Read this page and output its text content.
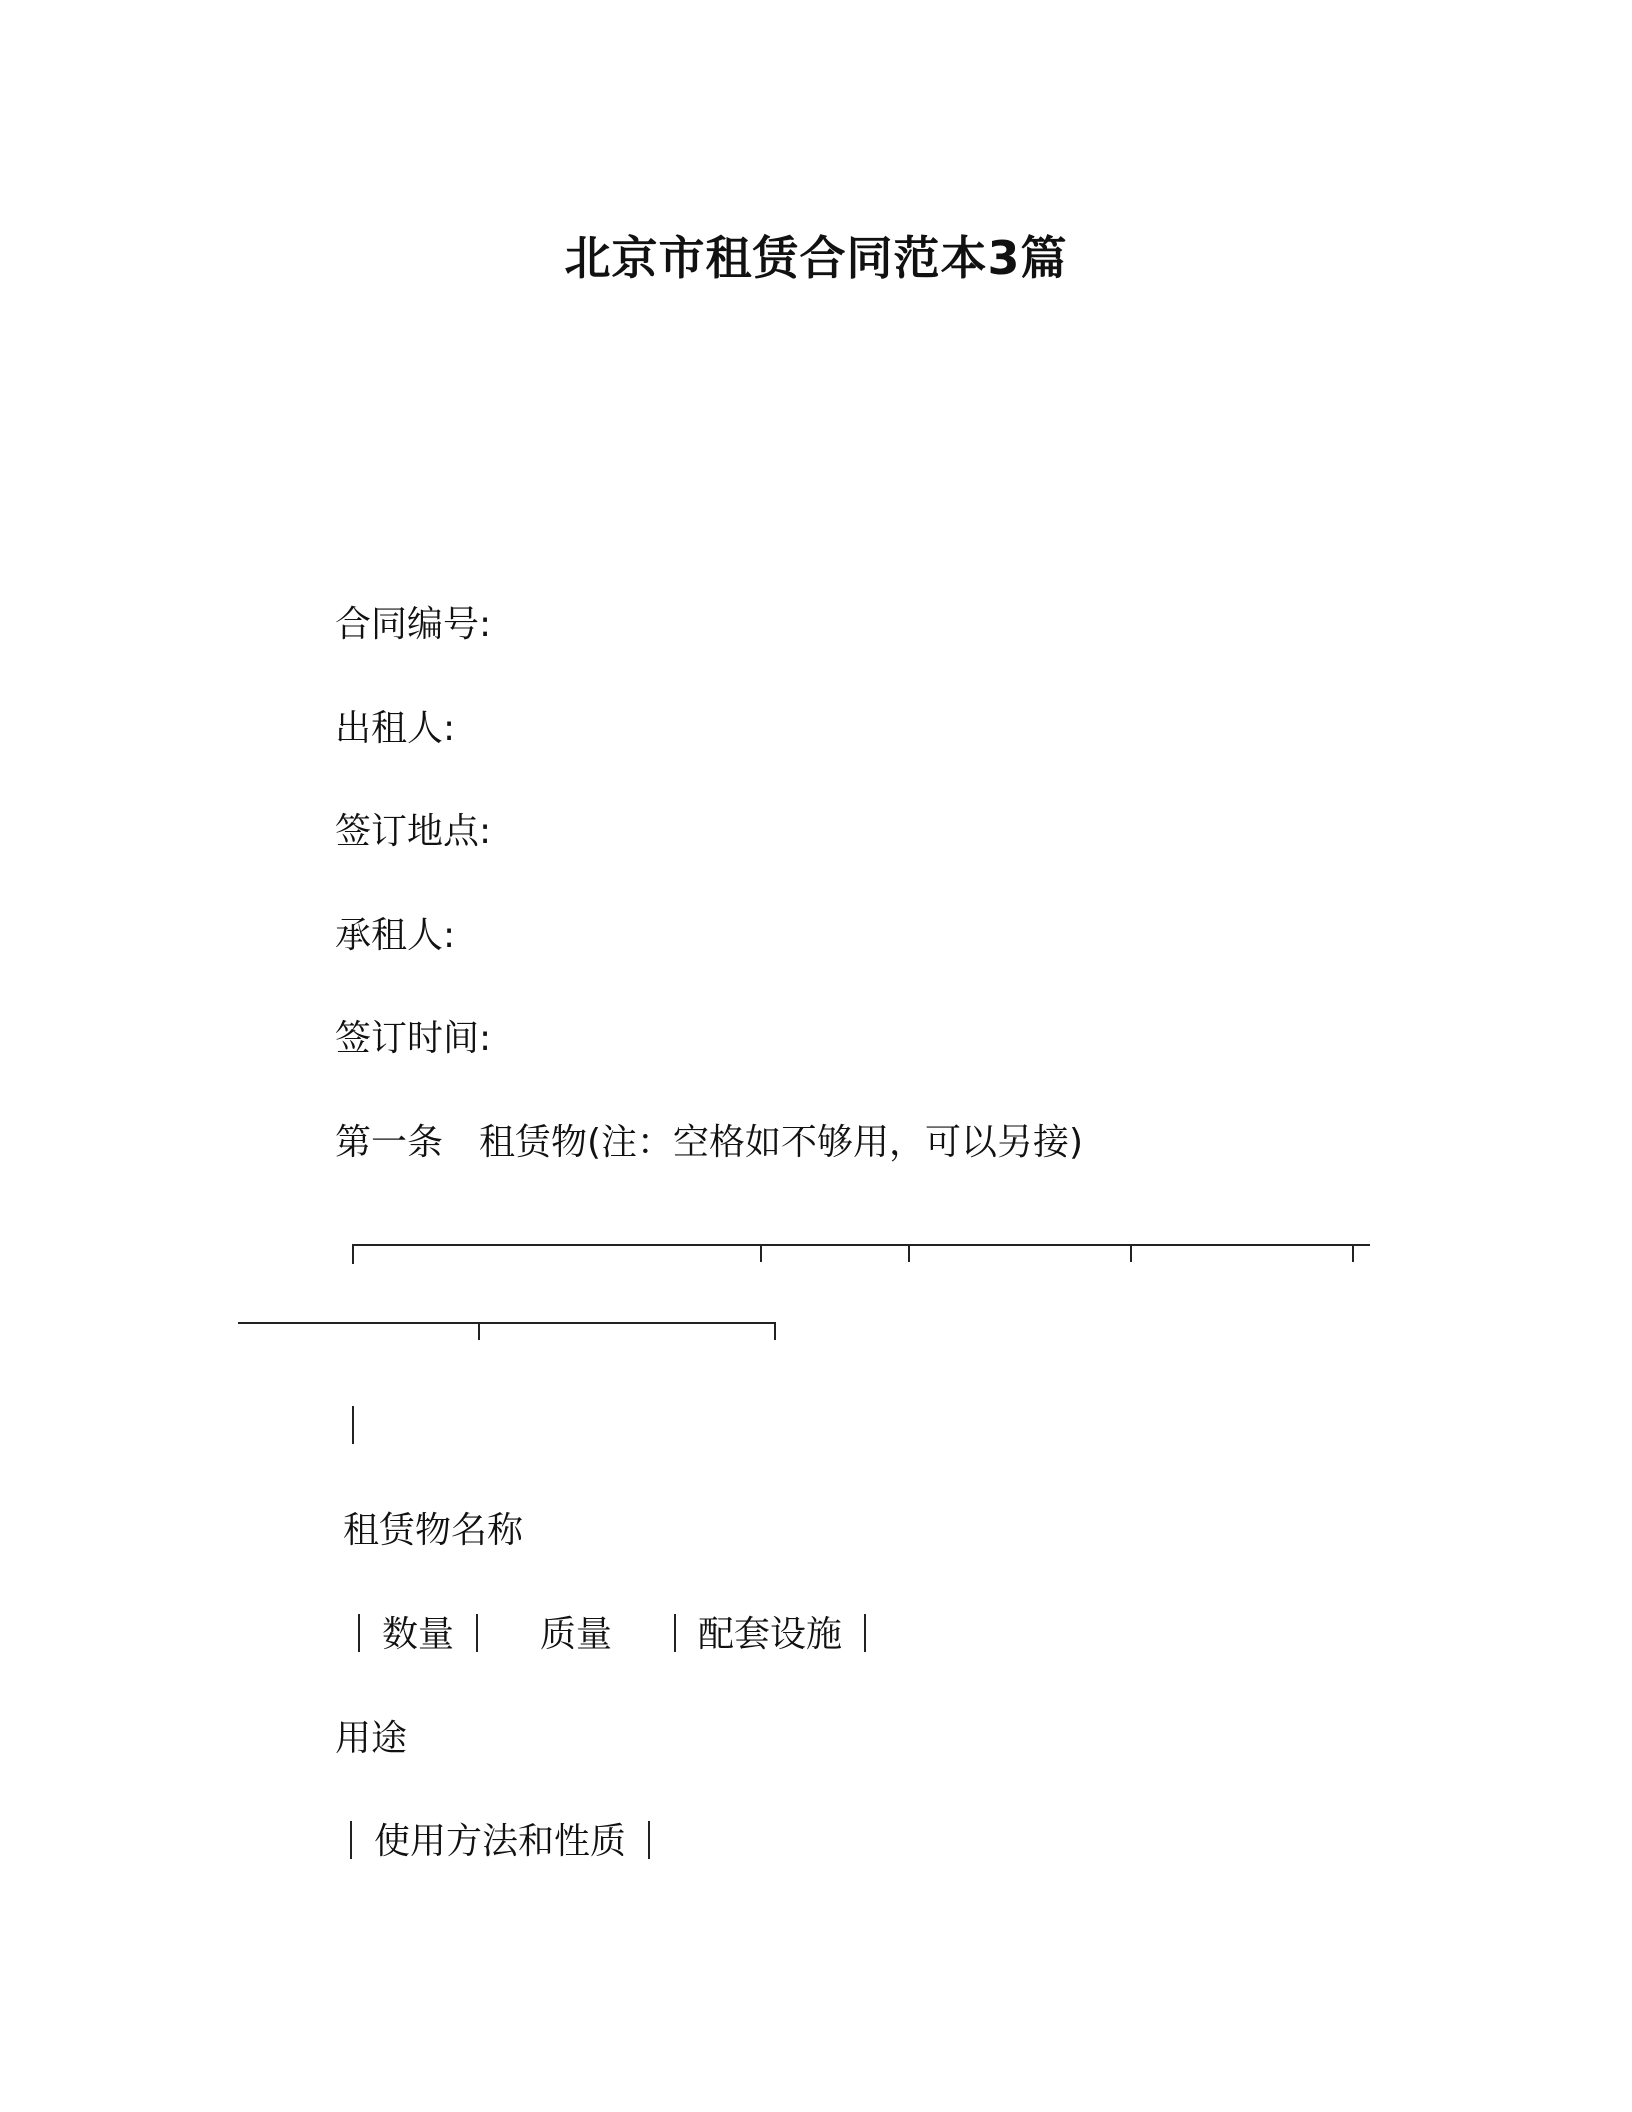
北京市租赁合同范本3篇
合同编号:
出租人:
签订地点:
承租人:
签订时间:
第一条　租赁物(注：空格如不够用，可以另接)
租赁物名称
数量 质量 配套设施
用途
使用方法和性质
